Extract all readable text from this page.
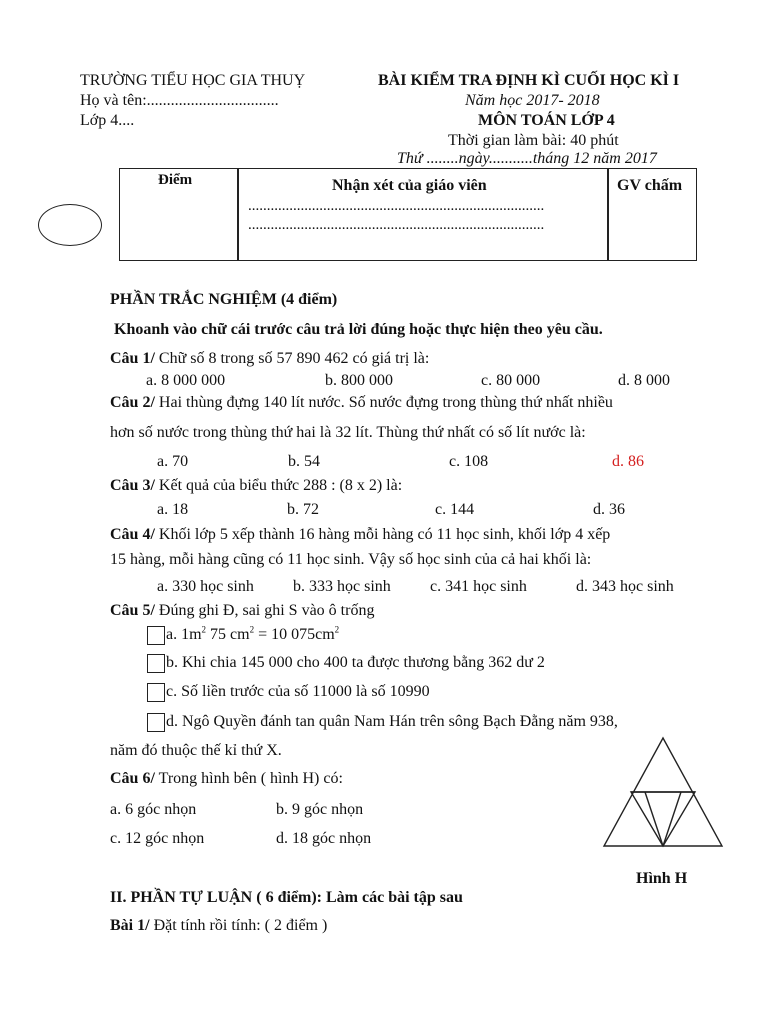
TRƯỜNG TIỂU HỌC GIA THUỴ
Họ và tên:.................................
Lớp 4....
BÀI KIỂM TRA ĐỊNH KÌ CUỐI HỌC KÌ I
Năm học 2017- 2018
MÔN TOÁN LỚP 4
Thời gian làm bài: 40 phút
Thứ ........ngày...........tháng 12 năm 2017
Điểm	Nhận xét của giáo viên
...............................................................................
...............................................................................
GV chấm
PHẦN TRẮC NGHIỆM (4 điểm)
Khoanh vào chữ cái trước câu trả lời đúng hoặc thực hiện theo yêu cầu.
Câu 1/ Chữ số 8 trong số 57 890 462 có giá trị là:
a. 8 000 000	b. 800 000	c. 80 000	d. 8 000
Câu 2/ Hai thùng đựng 140 lít nước. Số nước đựng trong thùng thứ nhất nhiều
hơn số nước trong thùng thứ hai là 32 lít. Thùng thứ nhất có số lít nước là:
a. 70	b. 54	c. 108	d. 86
Câu 3/ Kết quả của biểu thức 288 : (8 x 2) là:
a. 18	b. 72	c. 144	d. 36
Câu 4/ Khối lớp 5 xếp thành 16 hàng mỗi hàng có 11 học sinh, khối lớp 4 xếp
15 hàng, mỗi hàng cũng có 11 học sinh. Vậy số học sinh của cả hai khối là:
a. 330 học sinh b. 333 học sinh c. 341 học sinh	d. 343 học sinh
Câu 5/ Đúng ghi Đ, sai ghi S vào ô trống
a. $1m^2$ 75 $cm^2 = 10$ $075cm^2$
b. Khi chia 145 000 cho 400 ta được thương bằng 362 dư 2
c. Số liền trước của số 11000 là số 10990
d. Ngô Quyền đánh tan quân Nam Hán trên sông Bạch Đằng năm 938,
năm đó thuộc thế kỉ thứ X.
Câu 6/ Trong hình bên ( hình H) có:
a. 6 góc nhọn	b. 9 góc nhọn
c. 12 góc nhọn	d. 18 góc nhọn
Hình H
II. PHẦN TỰ LUẬN ( 6 điểm): Làm các bài tập sau
Bài 1/ Đặt tính rồi tính: ( 2 điểm )
